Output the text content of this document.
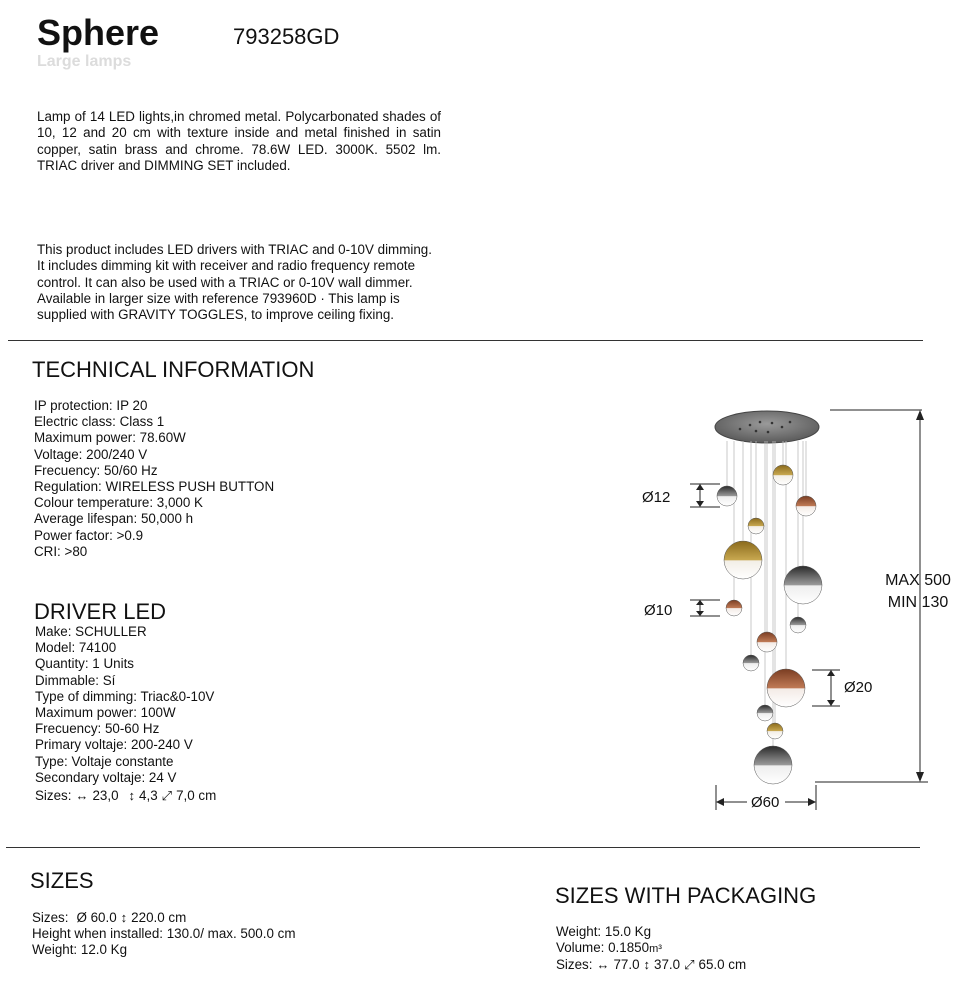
Sphere	793258GD
Large lamps
Lamp of 14 LED lights,in chromed metal. Polycarbonated shades of 10, 12 and 20 cm with texture inside and metal finished in satin copper, satin brass and chrome. 78.6W LED. 3000K. 5502 lm. TRIAC driver and DIMMING SET included.
This product includes LED drivers with TRIAC and 0-10V dimming. It includes dimming kit with receiver and radio frequency remote control. It can also be used with a TRIAC or 0-10V wall dimmer. Available in larger size with reference 793960D · This lamp is supplied with GRAVITY TOGGLES, to improve ceiling fixing.
TECHNICAL INFORMATION
IP protection: IP 20
Electric class: Class 1
Maximum power: 78.60W
Voltage: 200/240 V
Frecuency: 50/60 Hz
Regulation: WIRELESS PUSH BUTTON
Colour temperature: 3,000 K
Average lifespan: 50,000 h
Power factor: >0.9
CRI: >80
DRIVER LED
Make: SCHULLER
Model: 74100
Quantity: 1 Units
Dimmable: Sí
Type of dimming: Triac&0-10V
Maximum power: 100W
Frecuency: 50-60 Hz
Primary voltaje: 200-240 V
Type: Voltaje constante
Secondary voltaje: 24 V
Sizes: ↔ 23,0 ↕ 4,3 ⤢ 7,0 cm
Ø12
Ø10
Ø20
Ø60
MAX 500
MIN 130
SIZES
Sizes: Ø 60.0 ↕ 220.0 cm
Height when installed: 130.0/ max. 500.0 cm
Weight: 12.0 Kg
SIZES WITH PACKAGING
Weight: 15.0 Kg
Volume: 0.1850m³
Sizes: ↔ 77.0 ↕ 37.0 ⤢ 65.0 cm
